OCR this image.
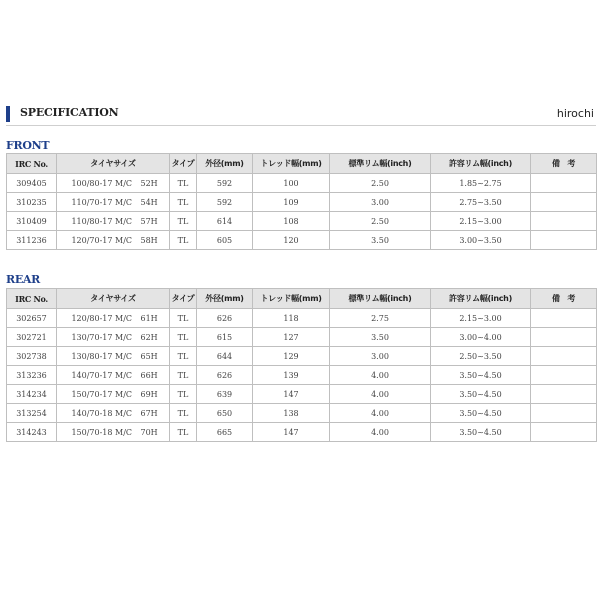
SPECIFICATION	hirochi
FRONT
IRC No.	タイヤサイズ		タイプ	外径(mm)	トレッド幅(mm)	標準リム幅(inch)	許容リム幅(inch)	備　考
309405	100/80-17 M/C	52H	TL	592	100	2.50	1.85~2.75	
310235	110/70-17 M/C	54H	TL	592	109	3.00	2.75~3.50	
310409	110/80-17 M/C	57H	TL	614	108	2.50	2.15~3.00	
311236	120/70-17 M/C	58H	TL	605	120	3.50	3.00~3.50	
REAR
IRC No.	タイヤサイズ		タイプ	外径(mm)	トレッド幅(mm)	標準リム幅(inch)	許容リム幅(inch)	備　考
302657	120/80-17 M/C	61H	TL	626	118	2.75	2.15~3.00	
302721	130/70-17 M/C	62H	TL	615	127	3.50	3.00~4.00	
302738	130/80-17 M/C	65H	TL	644	129	3.00	2.50~3.50	
313236	140/70-17 M/C	66H	TL	626	139	4.00	3.50~4.50	
314234	150/70-17 M/C	69H	TL	639	147	4.00	3.50~4.50	
313254	140/70-18 M/C	67H	TL	650	138	4.00	3.50~4.50	
314243	150/70-18 M/C	70H	TL	665	147	4.00	3.50~4.50	
